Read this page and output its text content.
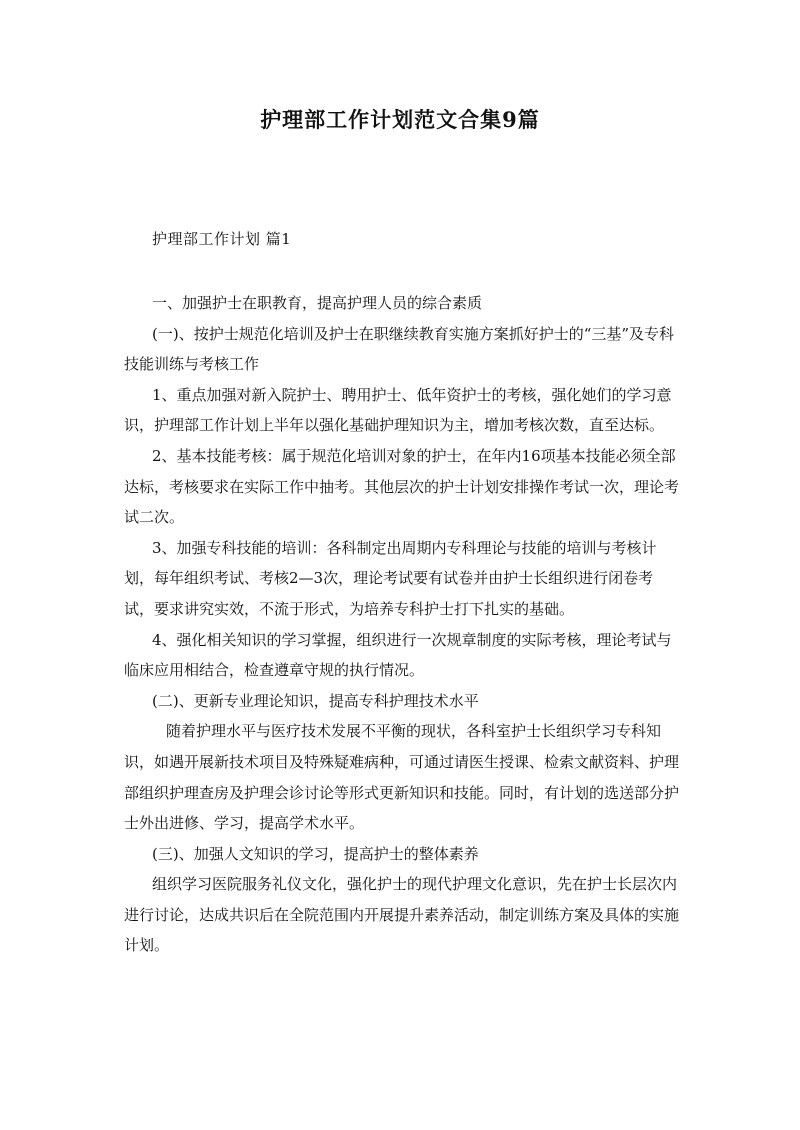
护理部工作计划范文合集9篇
护理部工作计划 篇1

一、加强护士在职教育，提高护理人员的综合素质

(一)、按护士规范化培训及护士在职继续教育实施方案抓好护士的“三基”及专科技能训练与考核工作

1、重点加强对新入院护士、聘用护士、低年资护士的考核，强化她们的学习意识，护理部工作计划上半年以强化基础护理知识为主，增加考核次数，直至达标。

2、基本技能考核：属于规范化培训对象的护士，在年内16项基本技能必须全部达标，考核要求在实际工作中抽考。其他层次的护士计划安排操作考试一次，理论考试二次。

3、加强专科技能的培训：各科制定出周期内专科理论与技能的培训与考核计划，每年组织考试、考核2—3次，理论考试要有试卷并由护士长组织进行闭卷考试，要求讲究实效，不流于形式，为培养专科护士打下扎实的基础。

4、强化相关知识的学习掌握，组织进行一次规章制度的实际考核，理论考试与临床应用相结合，检查遵章守规的执行情况。

(二)、更新专业理论知识，提高专科护理技术水平

随着护理水平与医疗技术发展不平衡的现状，各科室护士长组织学习专科知识，如遇开展新技术项目及特殊疑难病种，可通过请医生授课、检索文献资料、护理部组织护理查房及护理会诊讨论等形式更新知识和技能。同时，有计划的选送部分护士外出进修、学习，提高学术水平。

(三)、加强人文知识的学习，提高护士的整体素养

组织学习医院服务礼仪文化，强化护士的现代护理文化意识，先在护士长层次内进行讨论，达成共识后在全院范围内开展提升素养活动，制定训练方案及具体的实施计划。
